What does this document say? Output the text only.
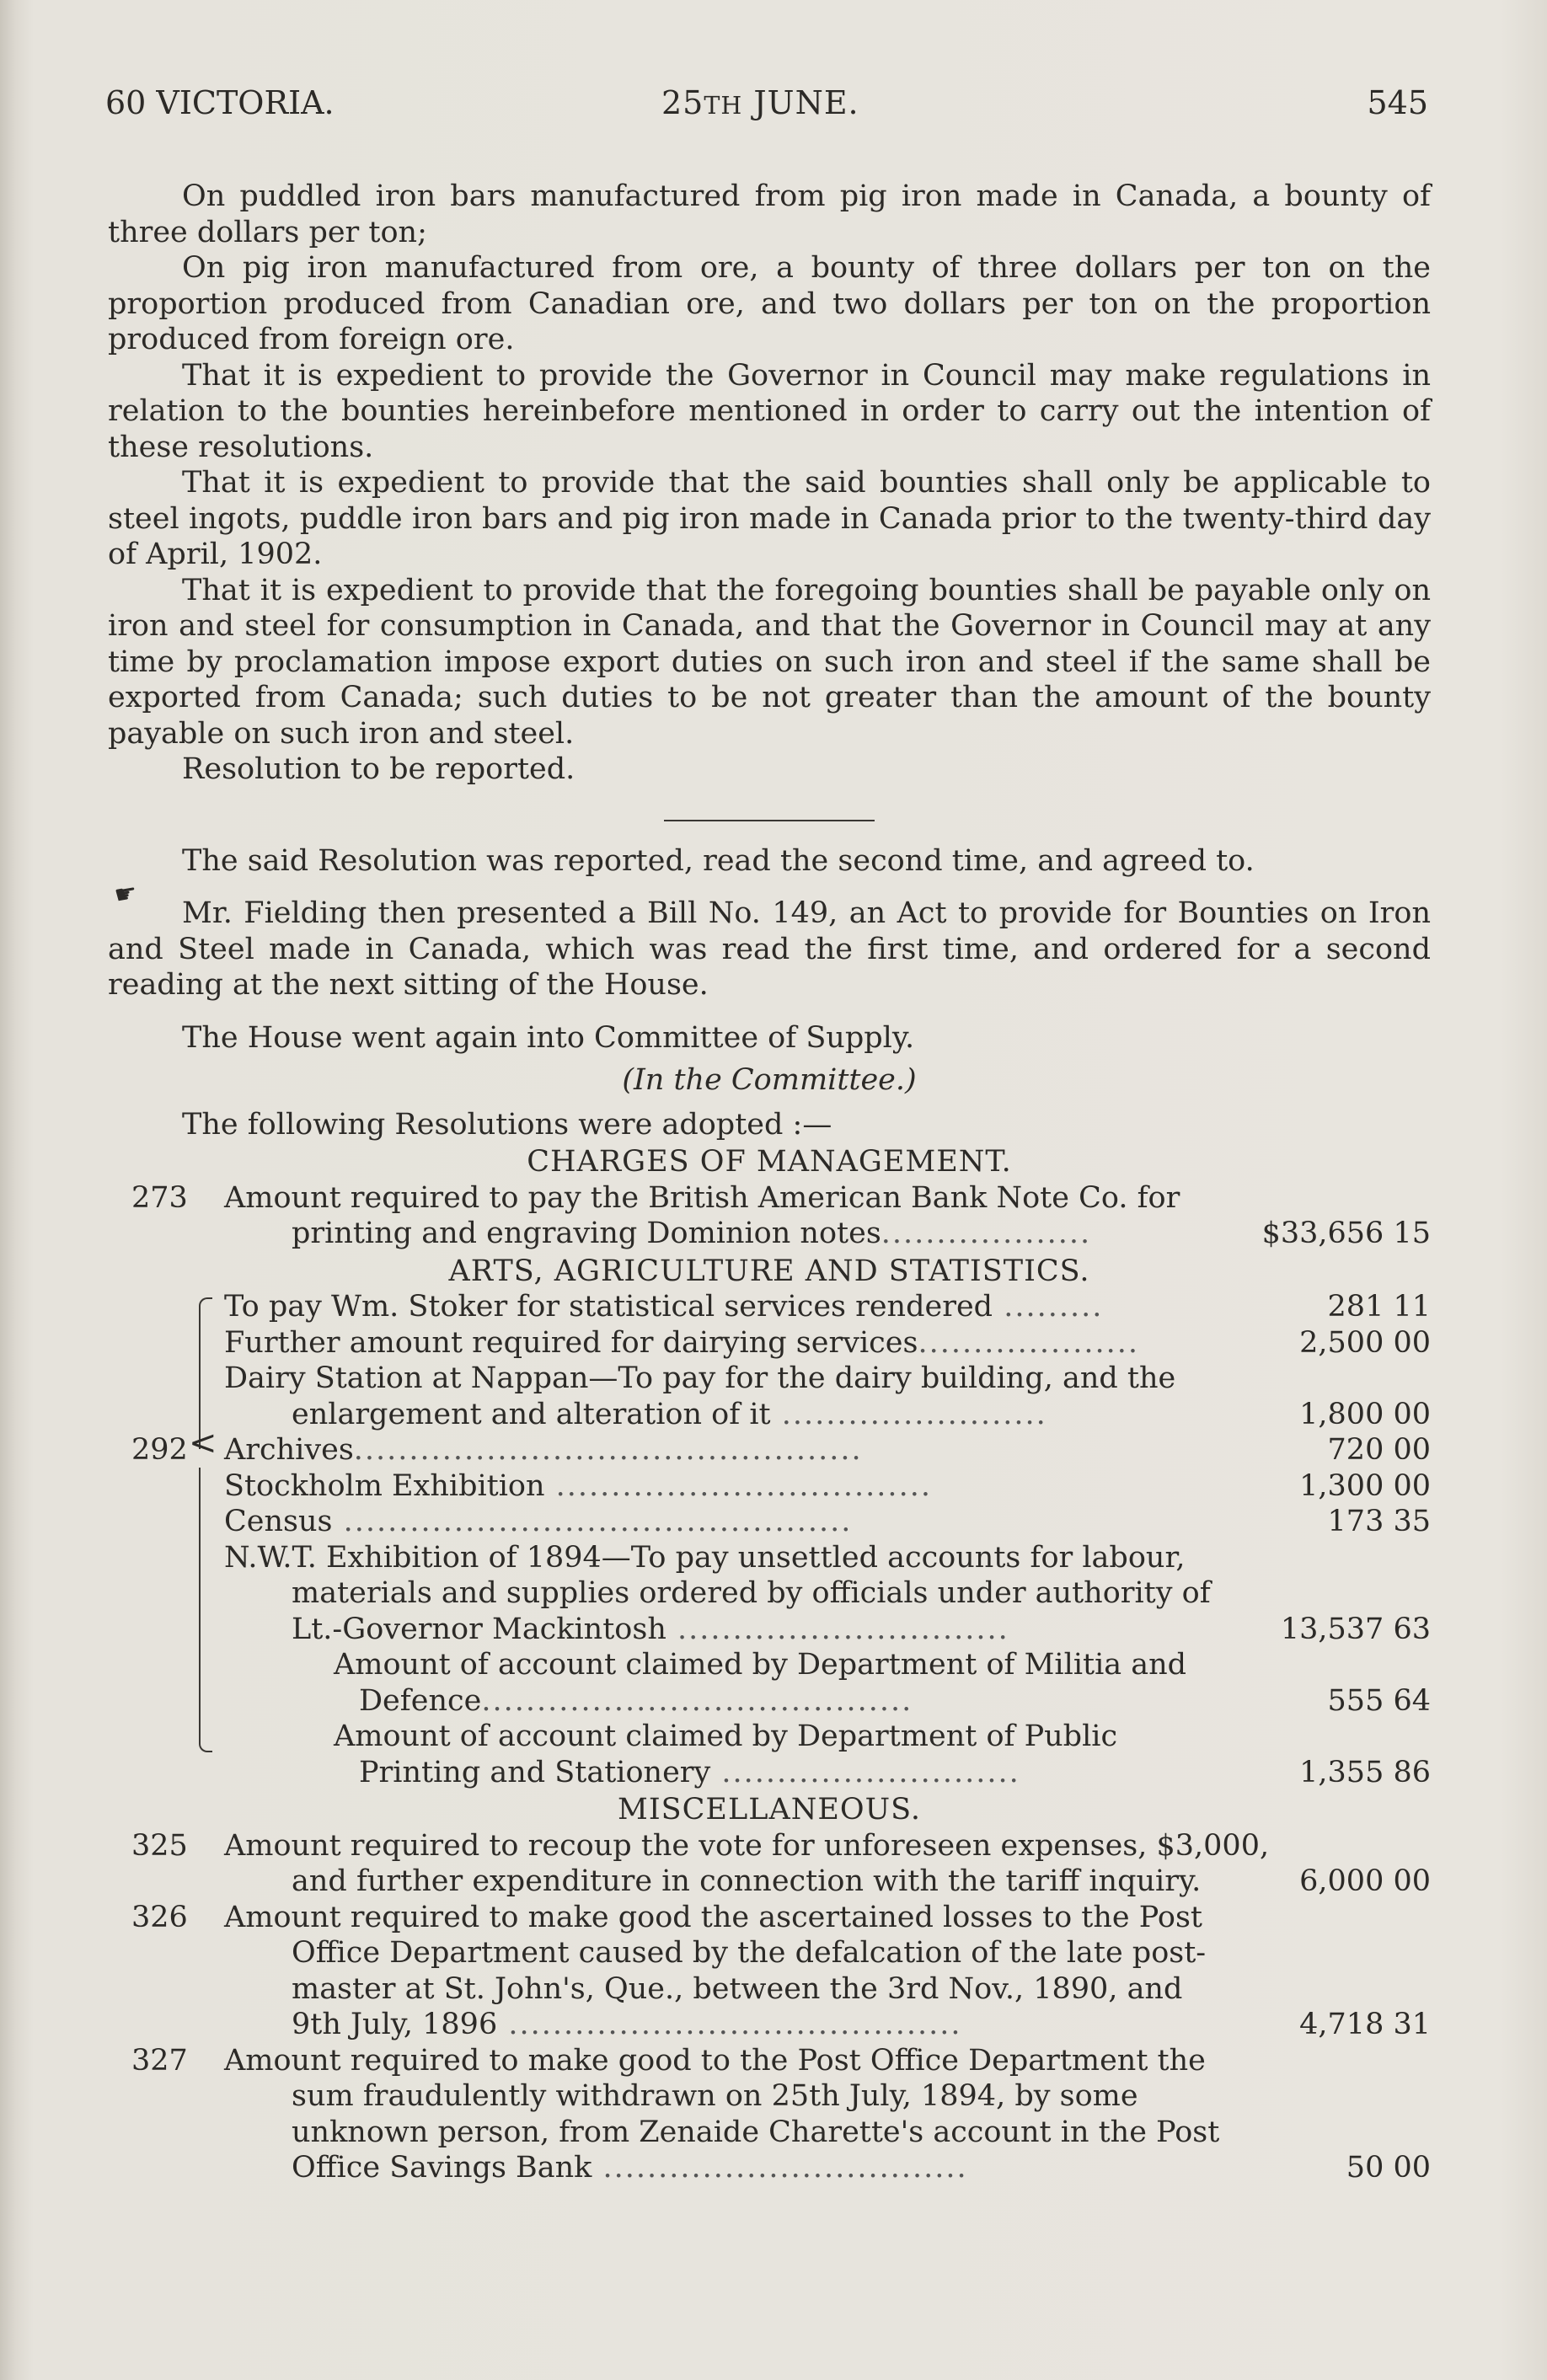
60 VICTORIA.	25TH JUNE.	545

On puddled iron bars manufactured from pig iron made in Canada, a bounty of three dollars per ton;

On pig iron manufactured from ore, a bounty of three dollars per ton on the proportion produced from Canadian ore, and two dollars per ton on the proportion produced from foreign ore.

That it is expedient to provide the Governor in Council may make regulations in relation to the bounties hereinbefore mentioned in order to carry out the intention of these resolutions.

That it is expedient to provide that the said bounties shall only be applicable to steel ingots, puddle iron bars and pig iron made in Canada prior to the twenty-third day of April, 1902.

That it is expedient to provide that the foregoing bounties shall be payable only on iron and steel for consumption in Canada, and that the Governor in Council may at any time by proclamation impose export duties on such iron and steel if the same shall be exported from Canada; such duties to be not greater than the amount of the bounty payable on such iron and steel.

Resolution to be reported.

The said Resolution was reported, read the second time, and agreed to.

☛

Mr. Fielding then presented a Bill No. 149, an Act to provide for Bounties on Iron and Steel made in Canada, which was read the first time, and ordered for a second reading at the next sitting of the House.

The House went again into Committee of Supply.

(In the Committee.)

The following Resolutions were adopted :—

CHARGES OF MANAGEMENT.

273 Amount required to pay the British American Bank Note Co. for
printing and engraving Dominion notes...................	$33,656 15

ARTS, AGRICULTURE AND STATISTICS.

292 <
To pay Wm. Stoker for statistical services rendered .........	281 11
Further amount required for dairying services....................	2,500 00
Dairy Station at Nappan—To pay for the dairy building, and the
enlargement and alteration of it ........................	1,800 00
Archives..............................................	720 00
Stockholm Exhibition ..................................	1,300 00
Census ..............................................	173 35
N.W.T. Exhibition of 1894—To pay unsettled accounts for labour,
materials and supplies ordered by officials under authority of
Lt.-Governor Mackintosh ..............................	13,537 63
Amount of account claimed by Department of Militia and
Defence.......................................	555 64
Amount of account claimed by Department of Public
Printing and Stationery ...........................	1,355 86

MISCELLANEOUS.

325 Amount required to recoup the vote for unforeseen expenses, $3,000,
and further expenditure in connection with the tariff inquiry.	6,000 00
326 Amount required to make good the ascertained losses to the Post
Office Department caused by the defalcation of the late post-
master at St. John's, Que., between the 3rd Nov., 1890, and
9th July, 1896 .........................................	4,718 31
327 Amount required to make good to the Post Office Department the
sum fraudulently withdrawn on 25th July, 1894, by some
unknown person, from Zenaide Charette's account in the Post
Office Savings Bank .................................	50 00
